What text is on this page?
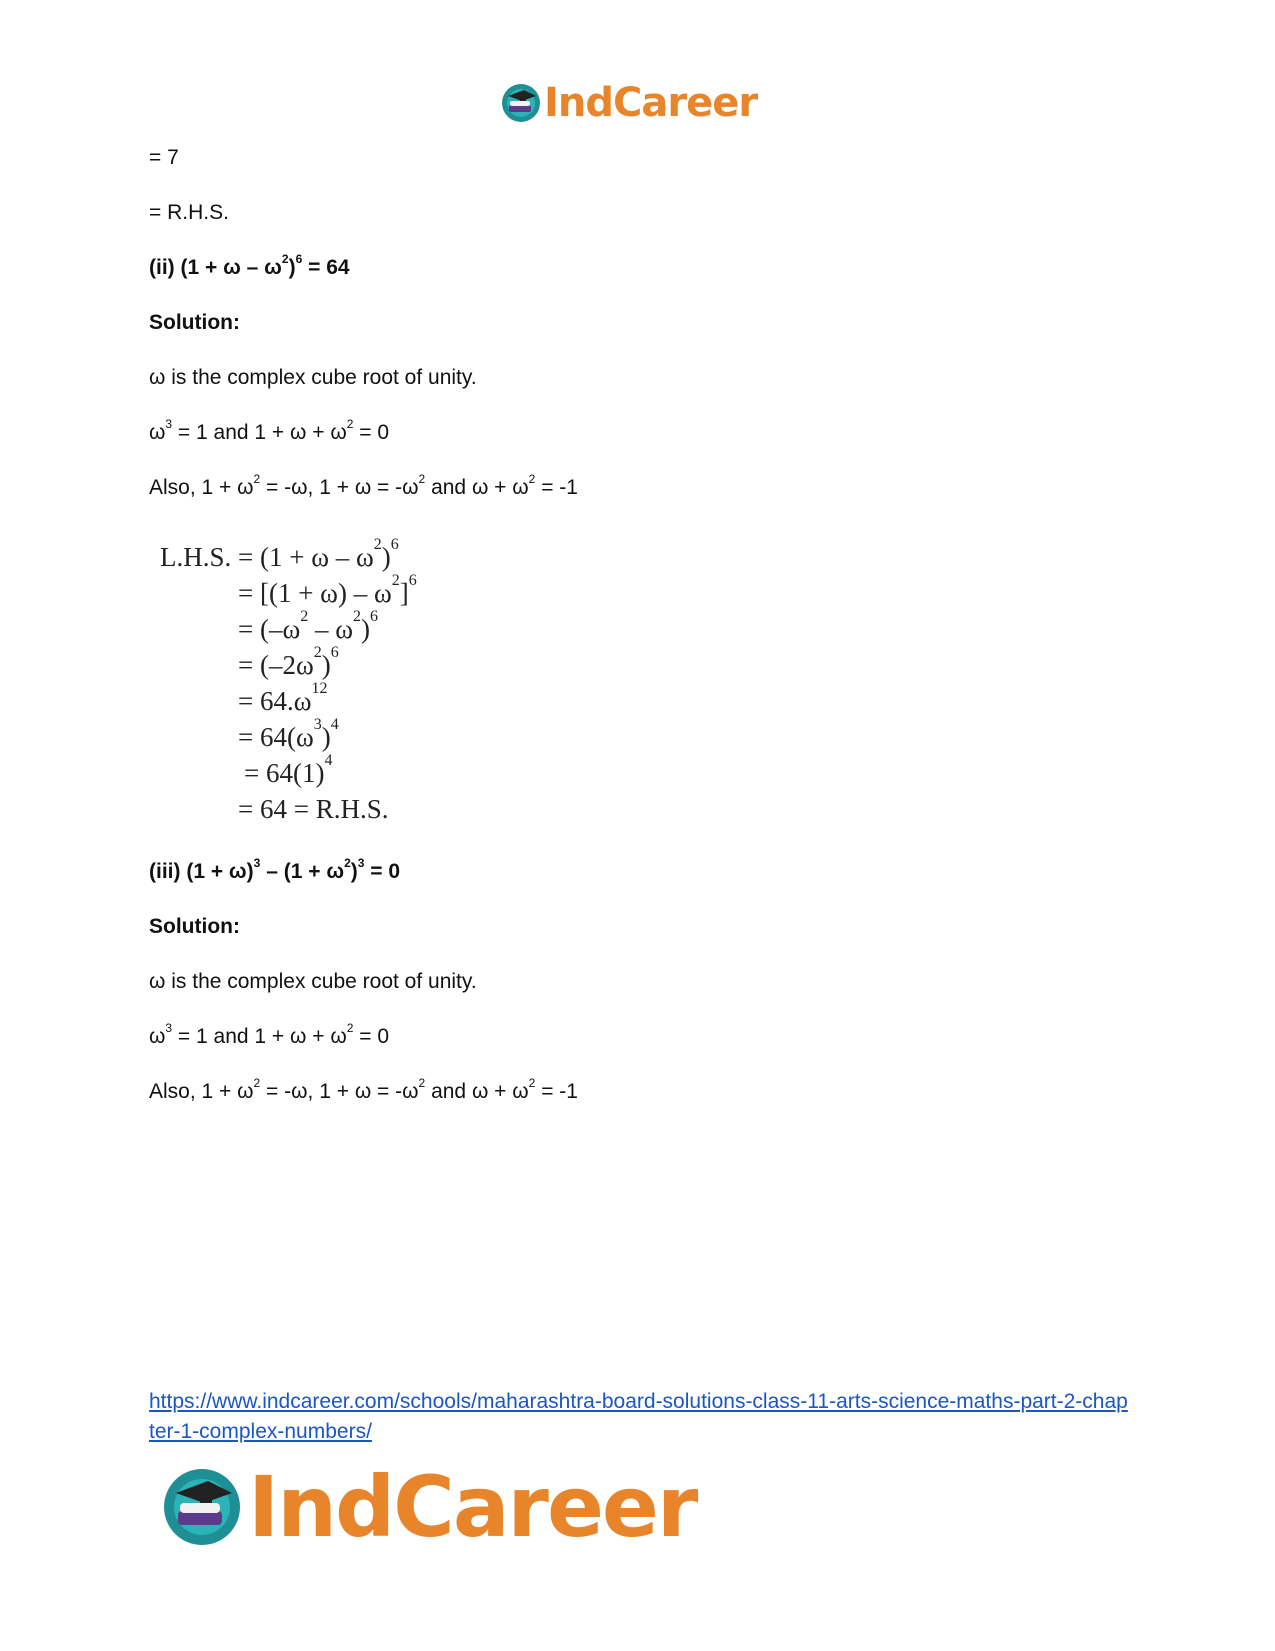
IndCareer
= 7
= R.H.S.
(ii) $(1 + \omega - \omega^2)^6 = 64$
Solution:
ω is the complex cube root of unity.
$\omega^3 = 1$ and $1 + \omega + \omega^2 = 0$
Also, $1 + \omega^2 = -\omega$, $1 + \omega = -\omega^2$ and $\omega + \omega^2 = -1$
L.H.S. = $(1 + \omega - \omega^2)^6$
= $[(1 + \omega) - \omega^2]^6$
= $(-\omega^2 - \omega^2)^6$
= $(-2\omega^2)^6$
= $64.\omega^{12}$
= $64(\omega^3)^4$
= $64(1)^4$
= 64 = R.H.S.
(iii) $(1 + \omega)^3 - (1 + \omega^2)^3 = 0$
Solution:
ω is the complex cube root of unity.
$\omega^3 = 1$ and $1 + \omega + \omega^2 = 0$
Also, $1 + \omega^2 = -\omega$, $1 + \omega = -\omega^2$ and $\omega + \omega^2 = -1$
https://www.indcareer.com/schools/maharashtra-board-solutions-class-11-arts-science-maths-part-2-chapter-1-complex-numbers/
IndCareer
